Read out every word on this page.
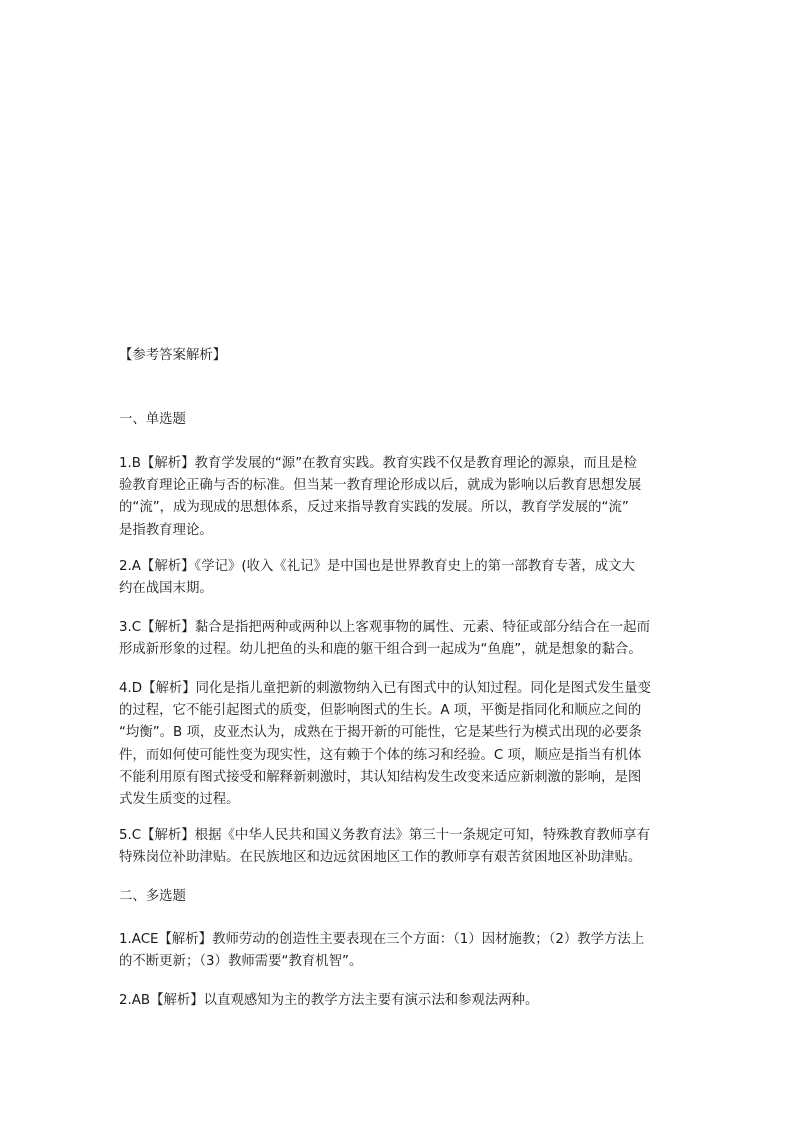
【参考答案解析】

一、单选题

1.B【解析】教育学发展的“源”在教育实践。教育实践不仅是教育理论的源泉，而且是检
验教育理论正确与否的标准。但当某一教育理论形成以后，就成为影响以后教育思想发展
的“流”，成为现成的思想体系，反过来指导教育实践的发展。所以，教育学发展的“流”
是指教育理论。
2.A【解析】《学记》(收入《礼记》是中国也是世界教育史上的第一部教育专著，成文大
约在战国末期。
3.C【解析】黏合是指把两种或两种以上客观事物的属性、元素、特征或部分结合在一起而
形成新形象的过程。幼儿把鱼的头和鹿的躯干组合到一起成为“鱼鹿”，就是想象的黏合。
4.D【解析】同化是指儿童把新的刺激物纳入已有图式中的认知过程。同化是图式发生量变
的过程，它不能引起图式的质变，但影响图式的生长。A 项，平衡是指同化和顺应之间的
“均衡”。B 项，皮亚杰认为，成熟在于揭开新的可能性，它是某些行为模式出现的必要条
件，而如何使可能性变为现实性，这有赖于个体的练习和经验。C 项，顺应是指当有机体
不能利用原有图式接受和解释新刺激时，其认知结构发生改变来适应新刺激的影响，是图
式发生质变的过程。
5.C【解析】根据《中华人民共和国义务教育法》第三十一条规定可知，特殊教育教师享有
特殊岗位补助津贴。在民族地区和边远贫困地区工作的教师享有艰苦贫困地区补助津贴。

二、多选题

1.ACE【解析】教师劳动的创造性主要表现在三个方面：（1）因材施教；（2）教学方法上
的不断更新；（3）教师需要“教育机智”。
2.AB【解析】以直观感知为主的教学方法主要有演示法和参观法两种。
